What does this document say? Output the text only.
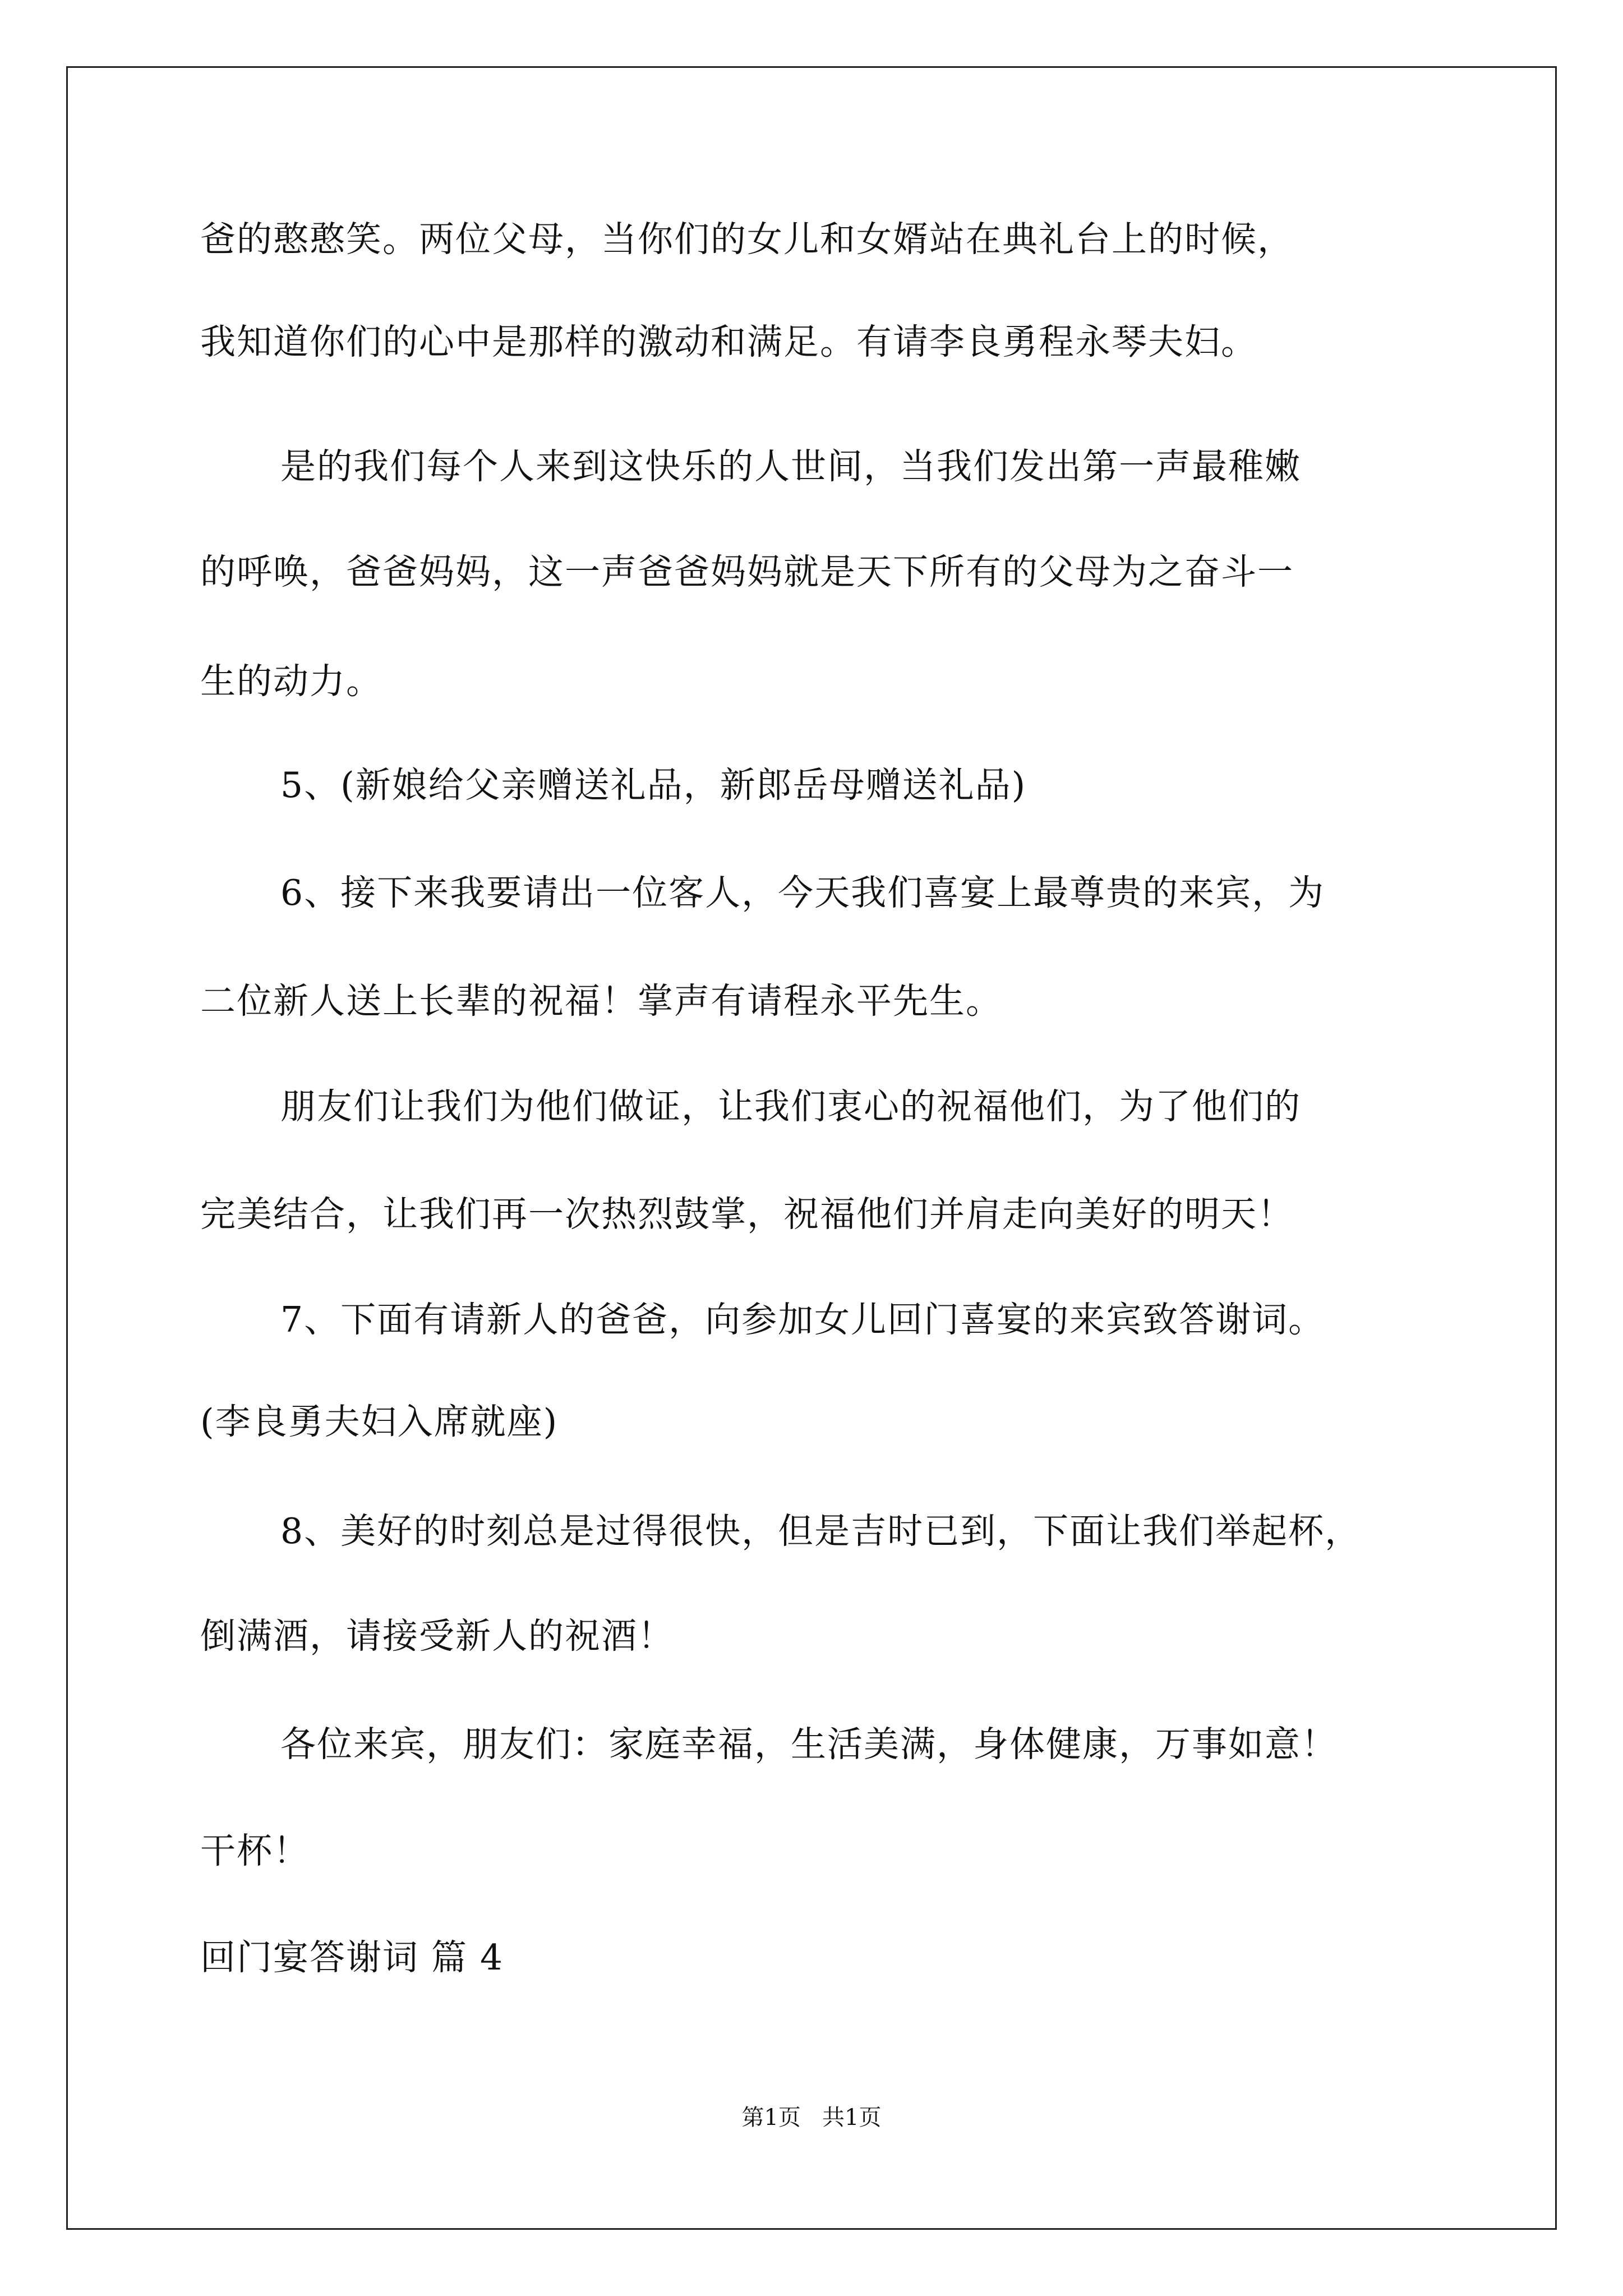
爸的憨憨笑。两位父母，当你们的女儿和女婿站在典礼台上的时候，
我知道你们的心中是那样的激动和满足。有请李良勇程永琴夫妇。
是的我们每个人来到这快乐的人世间，当我们发出第一声最稚嫩
的呼唤，爸爸妈妈，这一声爸爸妈妈就是天下所有的父母为之奋斗一
生的动力。
5、(新娘给父亲赠送礼品，新郎岳母赠送礼品)
6、接下来我要请出一位客人，今天我们喜宴上最尊贵的来宾，为
二位新人送上长辈的祝福！掌声有请程永平先生。
朋友们让我们为他们做证，让我们衷心的祝福他们，为了他们的
完美结合，让我们再一次热烈鼓掌，祝福他们并肩走向美好的明天！
7、下面有请新人的爸爸，向参加女儿回门喜宴的来宾致答谢词。
(李良勇夫妇入席就座)
8、美好的时刻总是过得很快，但是吉时已到，下面让我们举起杯，
倒满酒，请接受新人的祝酒！
各位来宾，朋友们：家庭幸福，生活美满，身体健康，万事如意！
干杯！
回门宴答谢词 篇 4
第1页   共1页
